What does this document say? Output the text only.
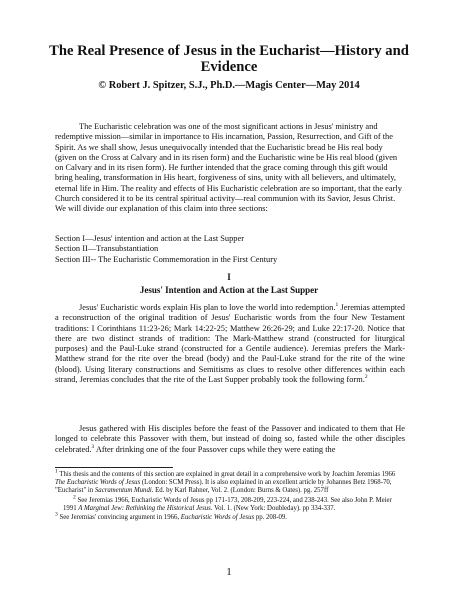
The Real Presence of Jesus in the Eucharist—History and
Evidence
© Robert J. Spitzer, S.J., Ph.D.—Magis Center—May 2014

The Eucharistic celebration was one of the most significant actions in Jesus' ministry and redemptive mission—similar in importance to His incarnation, Passion, Resurrection, and Gift of the Spirit. As we shall show, Jesus unequivocally intended that the Eucharistic bread be His real body (given on the Cross at Calvary and in its risen form) and the Eucharistic wine be His real blood (given on Calvary and in its risen form). He further intended that the grace coming through this gift would bring healing, transformation in His heart, forgiveness of sins, unity with all believers, and ultimately, eternal life in Him. The reality and effects of His Eucharistic celebration are so important, that the early Church considered it to be its central spiritual activity—real communion with its Savior, Jesus Christ. We will divide our explanation of this claim into three sections:

Section I—Jesus' intention and action at the Last Supper
Section II—Transubstantiation
Section III-- The Eucharistic Commemoration in the First Century
I
Jesus' Intention and Action at the Last Supper

Jesus' Eucharistic words explain His plan to love the world into redemption.$^1$ Jeremias attempted a reconstruction of the original tradition of Jesus' Eucharistic words from the four New Testament traditions: I Corinthians 11:23-26; Mark 14:22-25; Matthew 26:26-29; and Luke 22:17-20. Notice that there are two distinct strands of tradition: The Mark-Matthew strand (constructed for liturgical purposes) and the Paul-Luke strand (constructed for a Gentile audience). Jeremias prefers the Mark-Matthew strand for the rite over the bread (body) and the Paul-Luke strand for the rite of the wine (blood). Using literary constructions and Semitisms as clues to resolve other differences within each strand, Jeremias concludes that the rite of the Last Supper probably took the following form.$^2$

Jesus gathered with His disciples before the feast of the Passover and indicated to them that He longed to celebrate this Passover with them, but instead of doing so, fasted while the other disciples celebrated.$^3$ After drinking one of the four Passover cups while they were eating the

$^1$ This thesis and the contents of this section are explained in great detail in a comprehensive work by Joachim Jeremias 1966 The Eucharistic Words of Jesus (London: SCM Press). It is also explained in an excellent article by Johannes Betz 1968-70, "Eucharist" in Sacramentum Mundi. Ed. by Karl Rahner, Vol. 2. (London: Burns & Oates). pg. 257ff
$^2$ See Jeremias 1966, Eucharistic Words of Jesus pp 171-173, 208-209, 223-224, and 238-243. See also John P. Meier 1991 A Marginal Jew: Rethinking the Historical Jesus. Vol. 1. (New York: Doubleday). pp 334-337.
$^3$ See Jeremias' convincing argument in 1966, Eucharistic Words of Jesus pp. 208-09.
1
